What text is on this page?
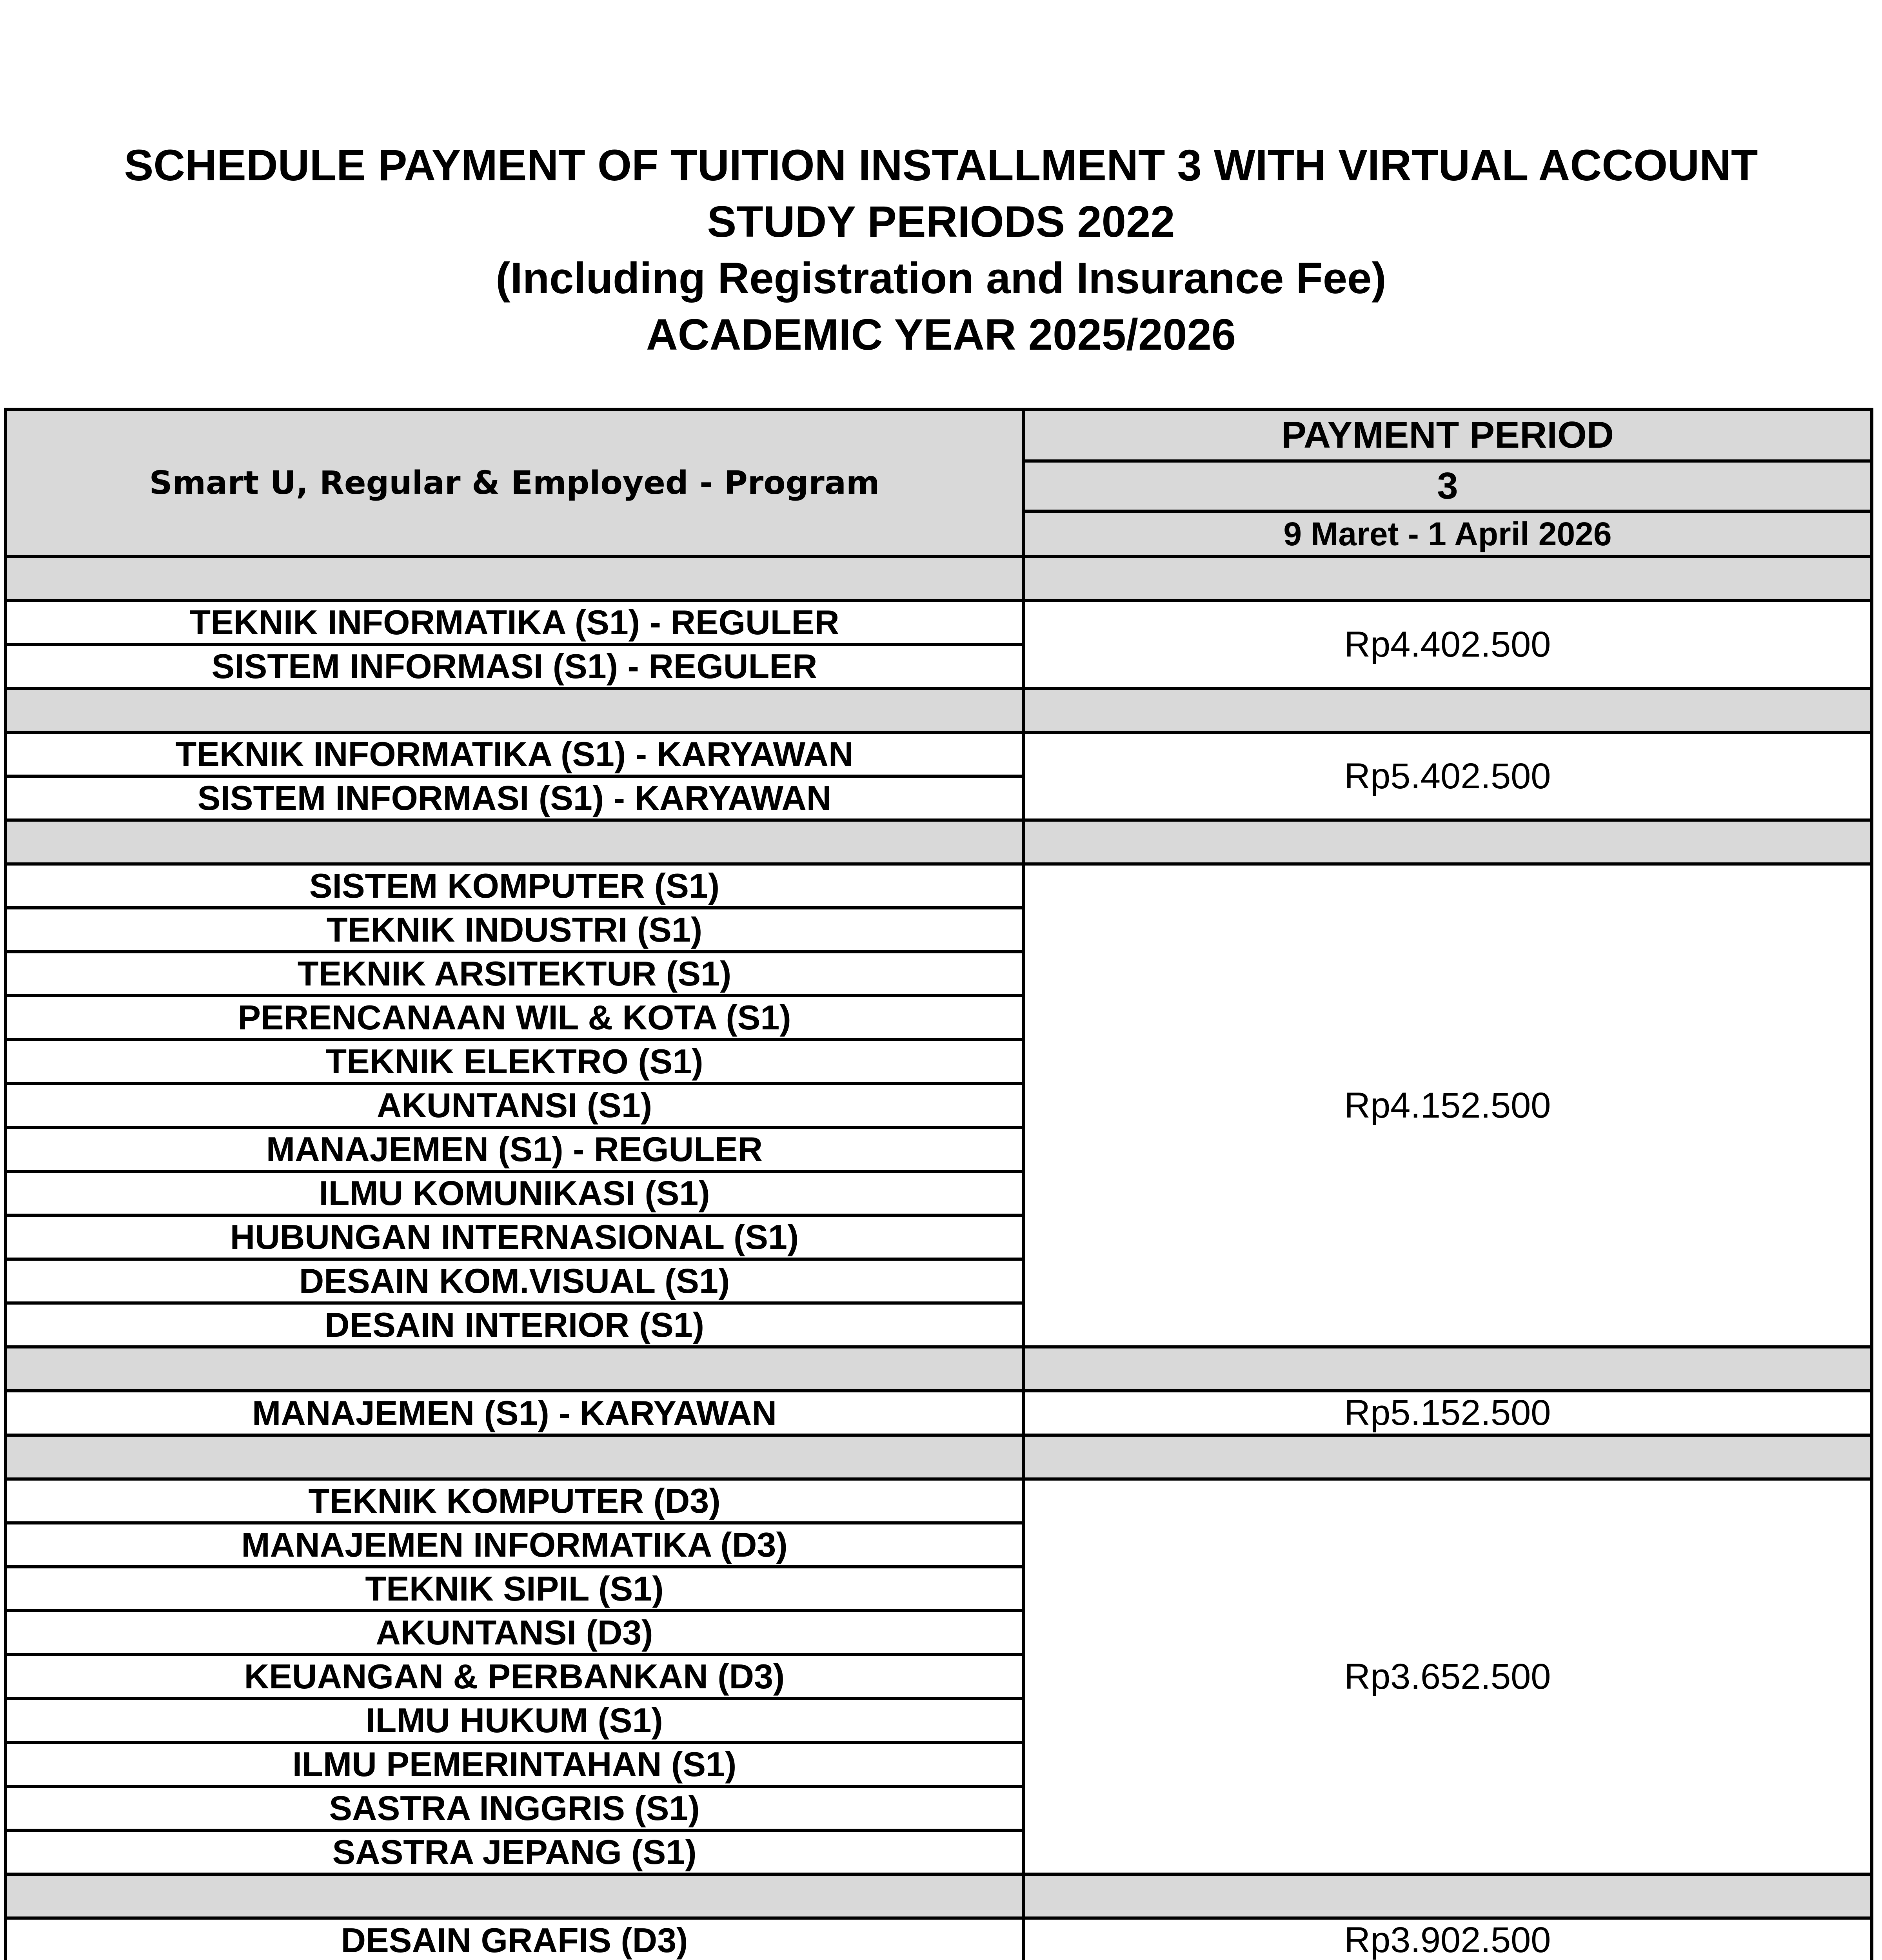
SCHEDULE PAYMENT OF TUITION INSTALLMENT 3 WITH VIRTUAL ACCOUNT
STUDY PERIODS 2022
(Including Registration and Insurance Fee)
ACADEMIC YEAR 2025/2026
Smart U, Regular & Employed - Program	PAYMENT PERIOD
	3
	9 Maret - 1 April 2026

TEKNIK INFORMATIKA (S1) - REGULER	Rp4.402.500
SISTEM INFORMASI (S1) - REGULER	

TEKNIK INFORMATIKA (S1) - KARYAWAN	Rp5.402.500
SISTEM INFORMASI (S1) - KARYAWAN	

SISTEM KOMPUTER (S1)	Rp4.152.500
TEKNIK INDUSTRI (S1)	
TEKNIK ARSITEKTUR (S1)	
PERENCANAAN WIL & KOTA (S1)	
TEKNIK ELEKTRO (S1)	
AKUNTANSI (S1)	
MANAJEMEN (S1) - REGULER	
ILMU KOMUNIKASI (S1)	
HUBUNGAN INTERNASIONAL (S1)	
DESAIN KOM.VISUAL (S1)	
DESAIN INTERIOR (S1)	

MANAJEMEN (S1) - KARYAWAN	Rp5.152.500

TEKNIK KOMPUTER (D3)	Rp3.652.500
MANAJEMEN INFORMATIKA (D3)	
TEKNIK SIPIL (S1)	
AKUNTANSI (D3)	
KEUANGAN & PERBANKAN (D3)	
ILMU HUKUM (S1)	
ILMU PEMERINTAHAN (S1)	
SASTRA INGGRIS (S1)	
SASTRA JEPANG (S1)	

DESAIN GRAFIS (D3)	Rp3.902.500
